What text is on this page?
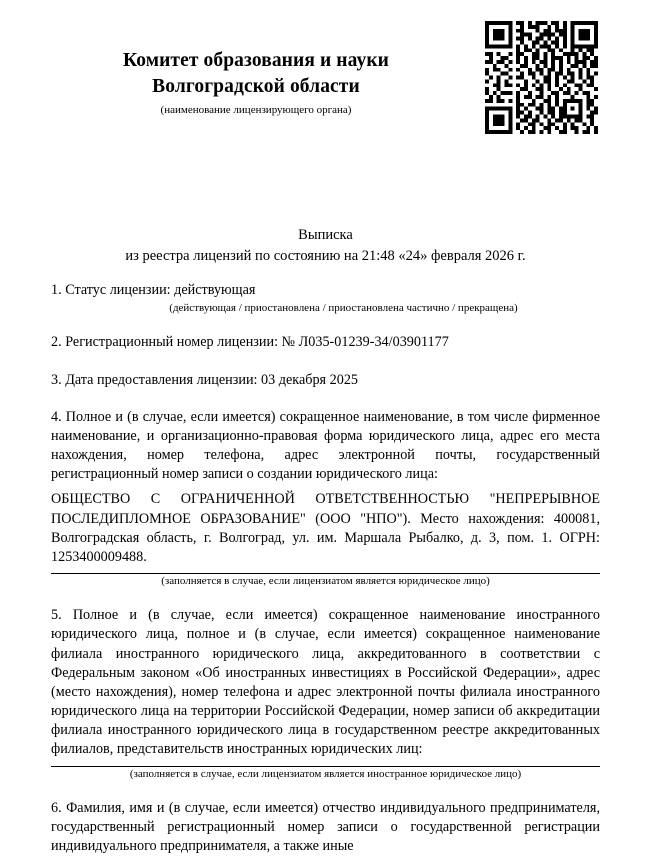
Комитет образования и науки
Волгоградской области
(наименование лицензирующего органа)
Выписка
из реестра лицензий по состоянию на 21:48 «24» февраля 2026 г.

1. Статус лицензии: действующая

(действующая / приостановлена / приостановлена частично / прекращена)

2. Регистрационный номер лицензии: № Л035-01239-34/03901177

3. Дата предоставления лицензии: 03 декабря 2025

4. Полное и (в случае, если имеется) сокращенное наименование, в том числе фирменное наименование, и организационно-правовая форма юридического лица, адрес его места нахождения, номер телефона, адрес электронной почты, государственный регистрационный номер записи о создании юридического лица:

ОБЩЕСТВО С ОГРАНИЧЕННОЙ ОТВЕТСТВЕННОСТЬЮ "НЕПРЕРЫВНОЕ ПОСЛЕДИПЛОМНОЕ ОБРАЗОВАНИЕ" (ООО "НПО"). Место нахождения: 400081, Волгоградская область, г. Волгоград, ул. им. Маршала Рыбалко, д. 3, пом. 1. ОГРН: 1253400009488.

(заполняется в случае, если лицензиатом является юридическое лицо)

5. Полное и (в случае, если имеется) сокращенное наименование иностранного юридического лица, полное и (в случае, если имеется) сокращенное наименование филиала иностранного юридического лица, аккредитованного в соответствии с Федеральным законом «Об иностранных инвестициях в Российской Федерации», адрес (место нахождения), номер телефона и адрес электронной почты филиала иностранного юридического лица на территории Российской Федерации, номер записи об аккредитации филиала иностранного юридического лица в государственном реестре аккредитованных филиалов, представительств иностранных юридических лиц:

(заполняется в случае, если лицензиатом является иностранное юридическое лицо)

6. Фамилия, имя и (в случае, если имеется) отчество индивидуального предпринимателя, государственный регистрационный номер записи о государственной регистрации индивидуального предпринимателя, а также иные
